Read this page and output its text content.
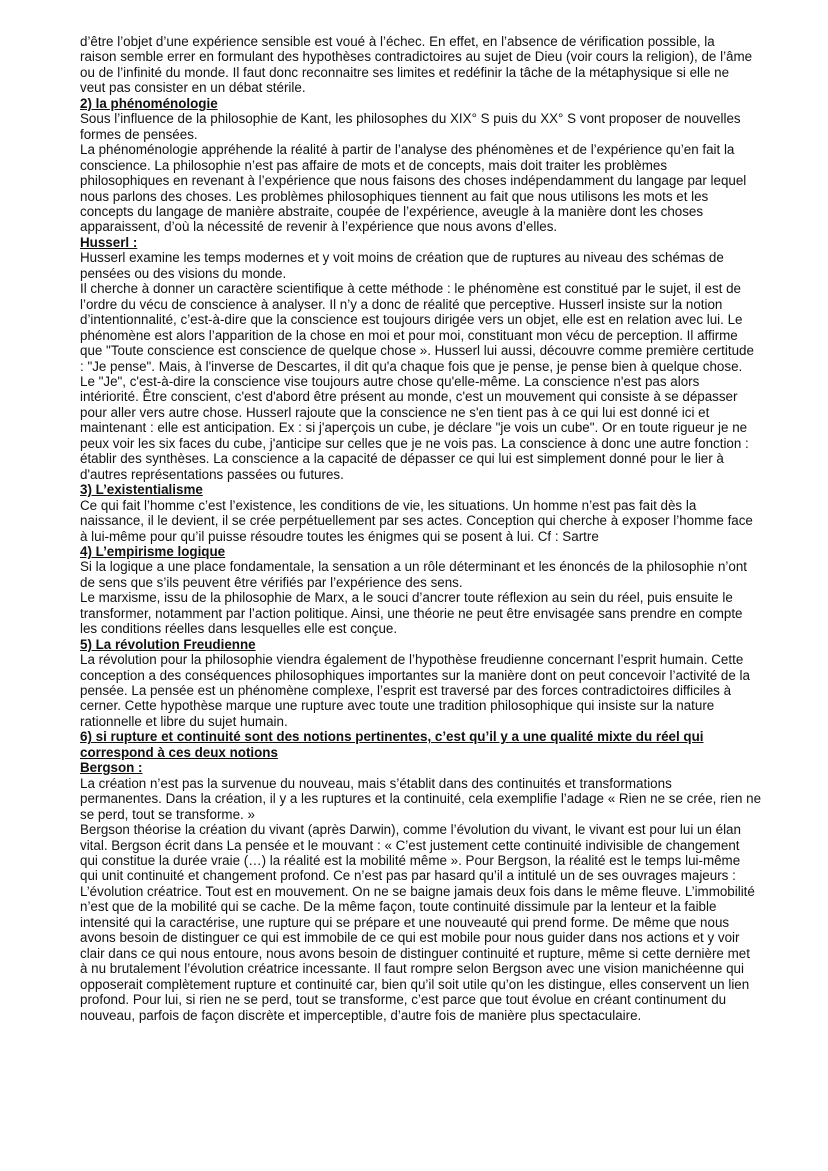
d’être l’objet d’une expérience sensible est voué à l’échec. En effet, en l’absence de vérification possible, la
raison semble errer en formulant des hypothèses contradictoires au sujet de Dieu (voir cours la religion), de l’âme
ou de l’infinité du monde. Il faut donc reconnaitre ses limites et redéfinir la tâche de la métaphysique si elle ne
veut pas consister en un débat stérile.
2) la phénoménologie
Sous l’influence de la philosophie de Kant, les philosophes du XIX° S puis du XX° S vont proposer de nouvelles
formes de pensées.
La phénoménologie appréhende la réalité à partir de l’analyse des phénomènes et de l’expérience qu’en fait la
conscience. La philosophie n’est pas affaire de mots et de concepts, mais doit traiter les problèmes
philosophiques en revenant à l’expérience que nous faisons des choses indépendamment du langage par lequel
nous parlons des choses. Les problèmes philosophiques tiennent au fait que nous utilisons les mots et les
concepts du langage de manière abstraite, coupée de l’expérience, aveugle à la manière dont les choses
apparaissent, d’où la nécessité de revenir à l’expérience que nous avons d’elles.
Husserl :
Husserl examine les temps modernes et y voit moins de création que de ruptures au niveau des schémas de
pensées ou des visions du monde.
Il cherche à donner un caractère scientifique à cette méthode : le phénomène est constitué par le sujet, il est de
l’ordre du vécu de conscience à analyser. Il n’y a donc de réalité que perceptive. Husserl insiste sur la notion
d’intentionnalité, c’est-à-dire que la conscience est toujours dirigée vers un objet, elle est en relation avec lui. Le
phénomène est alors l’apparition de la chose en moi et pour moi, constituant mon vécu de perception. Il affirme
que "Toute conscience est conscience de quelque chose ». Husserl lui aussi, découvre comme première certitude
: "Je pense". Mais, à l'inverse de Descartes, il dit qu'a chaque fois que je pense, je pense bien à quelque chose.
Le "Je", c'est-à-dire la conscience vise toujours autre chose qu'elle-même. La conscience n'est pas alors
intériorité. Être conscient, c'est d'abord être présent au monde, c'est un mouvement qui consiste à se dépasser
pour aller vers autre chose. Husserl rajoute que la conscience ne s'en tient pas à ce qui lui est donné ici et
maintenant : elle est anticipation. Ex : si j'aperçois un cube, je déclare "je vois un cube". Or en toute rigueur je ne
peux voir les six faces du cube, j'anticipe sur celles que je ne vois pas. La conscience à donc une autre fonction :
établir des synthèses. La conscience a la capacité de dépasser ce qui lui est simplement donné pour le lier à
d'autres représentations passées ou futures.
3) L’existentialisme
Ce qui fait l’homme c’est l’existence, les conditions de vie, les situations. Un homme n’est pas fait dès la
naissance, il le devient, il se crée perpétuellement par ses actes. Conception qui cherche à exposer l’homme face
à lui-même pour qu’il puisse résoudre toutes les énigmes qui se posent à lui. Cf : Sartre
4) L’empirisme logique
Si la logique a une place fondamentale, la sensation a un rôle déterminant et les énoncés de la philosophie n’ont
de sens que s’ils peuvent être vérifiés par l’expérience des sens.
Le marxisme, issu de la philosophie de Marx, a le souci d’ancrer toute réflexion au sein du réel, puis ensuite le
transformer, notamment par l’action politique. Ainsi, une théorie ne peut être envisagée sans prendre en compte
les conditions réelles dans lesquelles elle est conçue.
5) La révolution Freudienne
La révolution pour la philosophie viendra également de l’hypothèse freudienne concernant l’esprit humain. Cette
conception a des conséquences philosophiques importantes sur la manière dont on peut concevoir l’activité de la
pensée. La pensée est un phénomène complexe, l’esprit est traversé par des forces contradictoires difficiles à
cerner. Cette hypothèse marque une rupture avec toute une tradition philosophique qui insiste sur la nature
rationnelle et libre du sujet humain.
6) si rupture et continuité sont des notions pertinentes, c’est qu’il y a une qualité mixte du réel qui
correspond à ces deux notions
Bergson :
La création n’est pas la survenue du nouveau, mais s’établit dans des continuités et transformations
permanentes. Dans la création, il y a les ruptures et la continuité, cela exemplifie l’adage « Rien ne se crée, rien ne
se perd, tout se transforme. »
Bergson théorise la création du vivant (après Darwin), comme l’évolution du vivant, le vivant est pour lui un élan
vital. Bergson écrit dans La pensée et le mouvant : « C’est justement cette continuité indivisible de changement
qui constitue la durée vraie (…) la réalité est la mobilité même ». Pour Bergson, la réalité est le temps lui-même
qui unit continuité et changement profond. Ce n’est pas par hasard qu’il a intitulé un de ses ouvrages majeurs :
L’évolution créatrice. Tout est en mouvement. On ne se baigne jamais deux fois dans le même fleuve. L’immobilité
n’est que de la mobilité qui se cache. De la même façon, toute continuité dissimule par la lenteur et la faible
intensité qui la caractérise, une rupture qui se prépare et une nouveauté qui prend forme. De même que nous
avons besoin de distinguer ce qui est immobile de ce qui est mobile pour nous guider dans nos actions et y voir
clair dans ce qui nous entoure, nous avons besoin de distinguer continuité et rupture, même si cette dernière met
à nu brutalement l’évolution créatrice incessante. Il faut rompre selon Bergson avec une vision manichéenne qui
opposerait complètement rupture et continuité car, bien qu’il soit utile qu’on les distingue, elles conservent un lien
profond. Pour lui, si rien ne se perd, tout se transforme, c’est parce que tout évolue en créant continument du
nouveau, parfois de façon discrète et imperceptible, d’autre fois de manière plus spectaculaire.
